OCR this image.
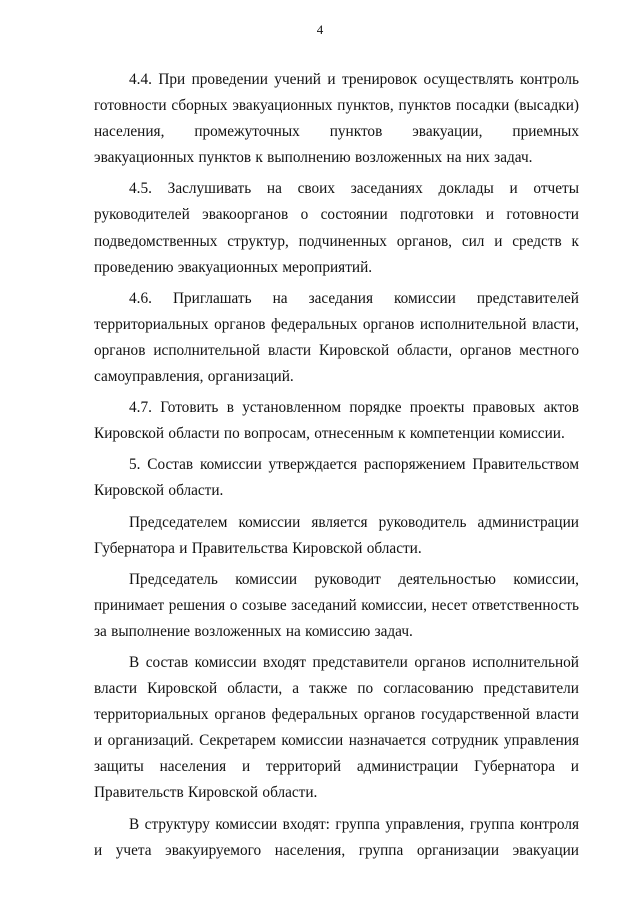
4

4.4. При проведении учений и тренировок осуществлять контроль готовности сборных эвакуационных пунктов, пунктов посадки (высадки) населения, промежуточных пунктов эвакуации, приемных эвакуационных пунктов к выполнению возложенных на них задач.

4.5. Заслушивать на своих заседаниях доклады и отчеты руководителей эвакоорганов о состоянии подготовки и готовности подведомственных структур, подчиненных органов, сил и средств к проведению эвакуационных мероприятий.

4.6. Приглашать на заседания комиссии представителей территориальных органов федеральных органов исполнительной власти, органов исполнительной власти Кировской области, органов местного самоуправления, организаций.

4.7. Готовить в установленном порядке проекты правовых актов Кировской области по вопросам, отнесенным к компетенции комиссии.

5. Состав комиссии утверждается распоряжением Правительством Кировской области.

Председателем комиссии является руководитель администрации Губернатора и Правительства Кировской области.

Председатель комиссии руководит деятельностью комиссии, принимает решения о созыве заседаний комиссии, несет ответственность за выполнение возложенных на комиссию задач.

В состав комиссии входят представители органов исполнительной власти Кировской области, а также по согласованию представители территориальных органов федеральных органов государственной власти и организаций. Секретарем комиссии назначается сотрудник управления защиты населения и территорий администрации Губернатора и Правительств Кировской области.

В структуру комиссии входят: группа управления, группа контроля и учета эвакуируемого населения, группа организации эвакуации
